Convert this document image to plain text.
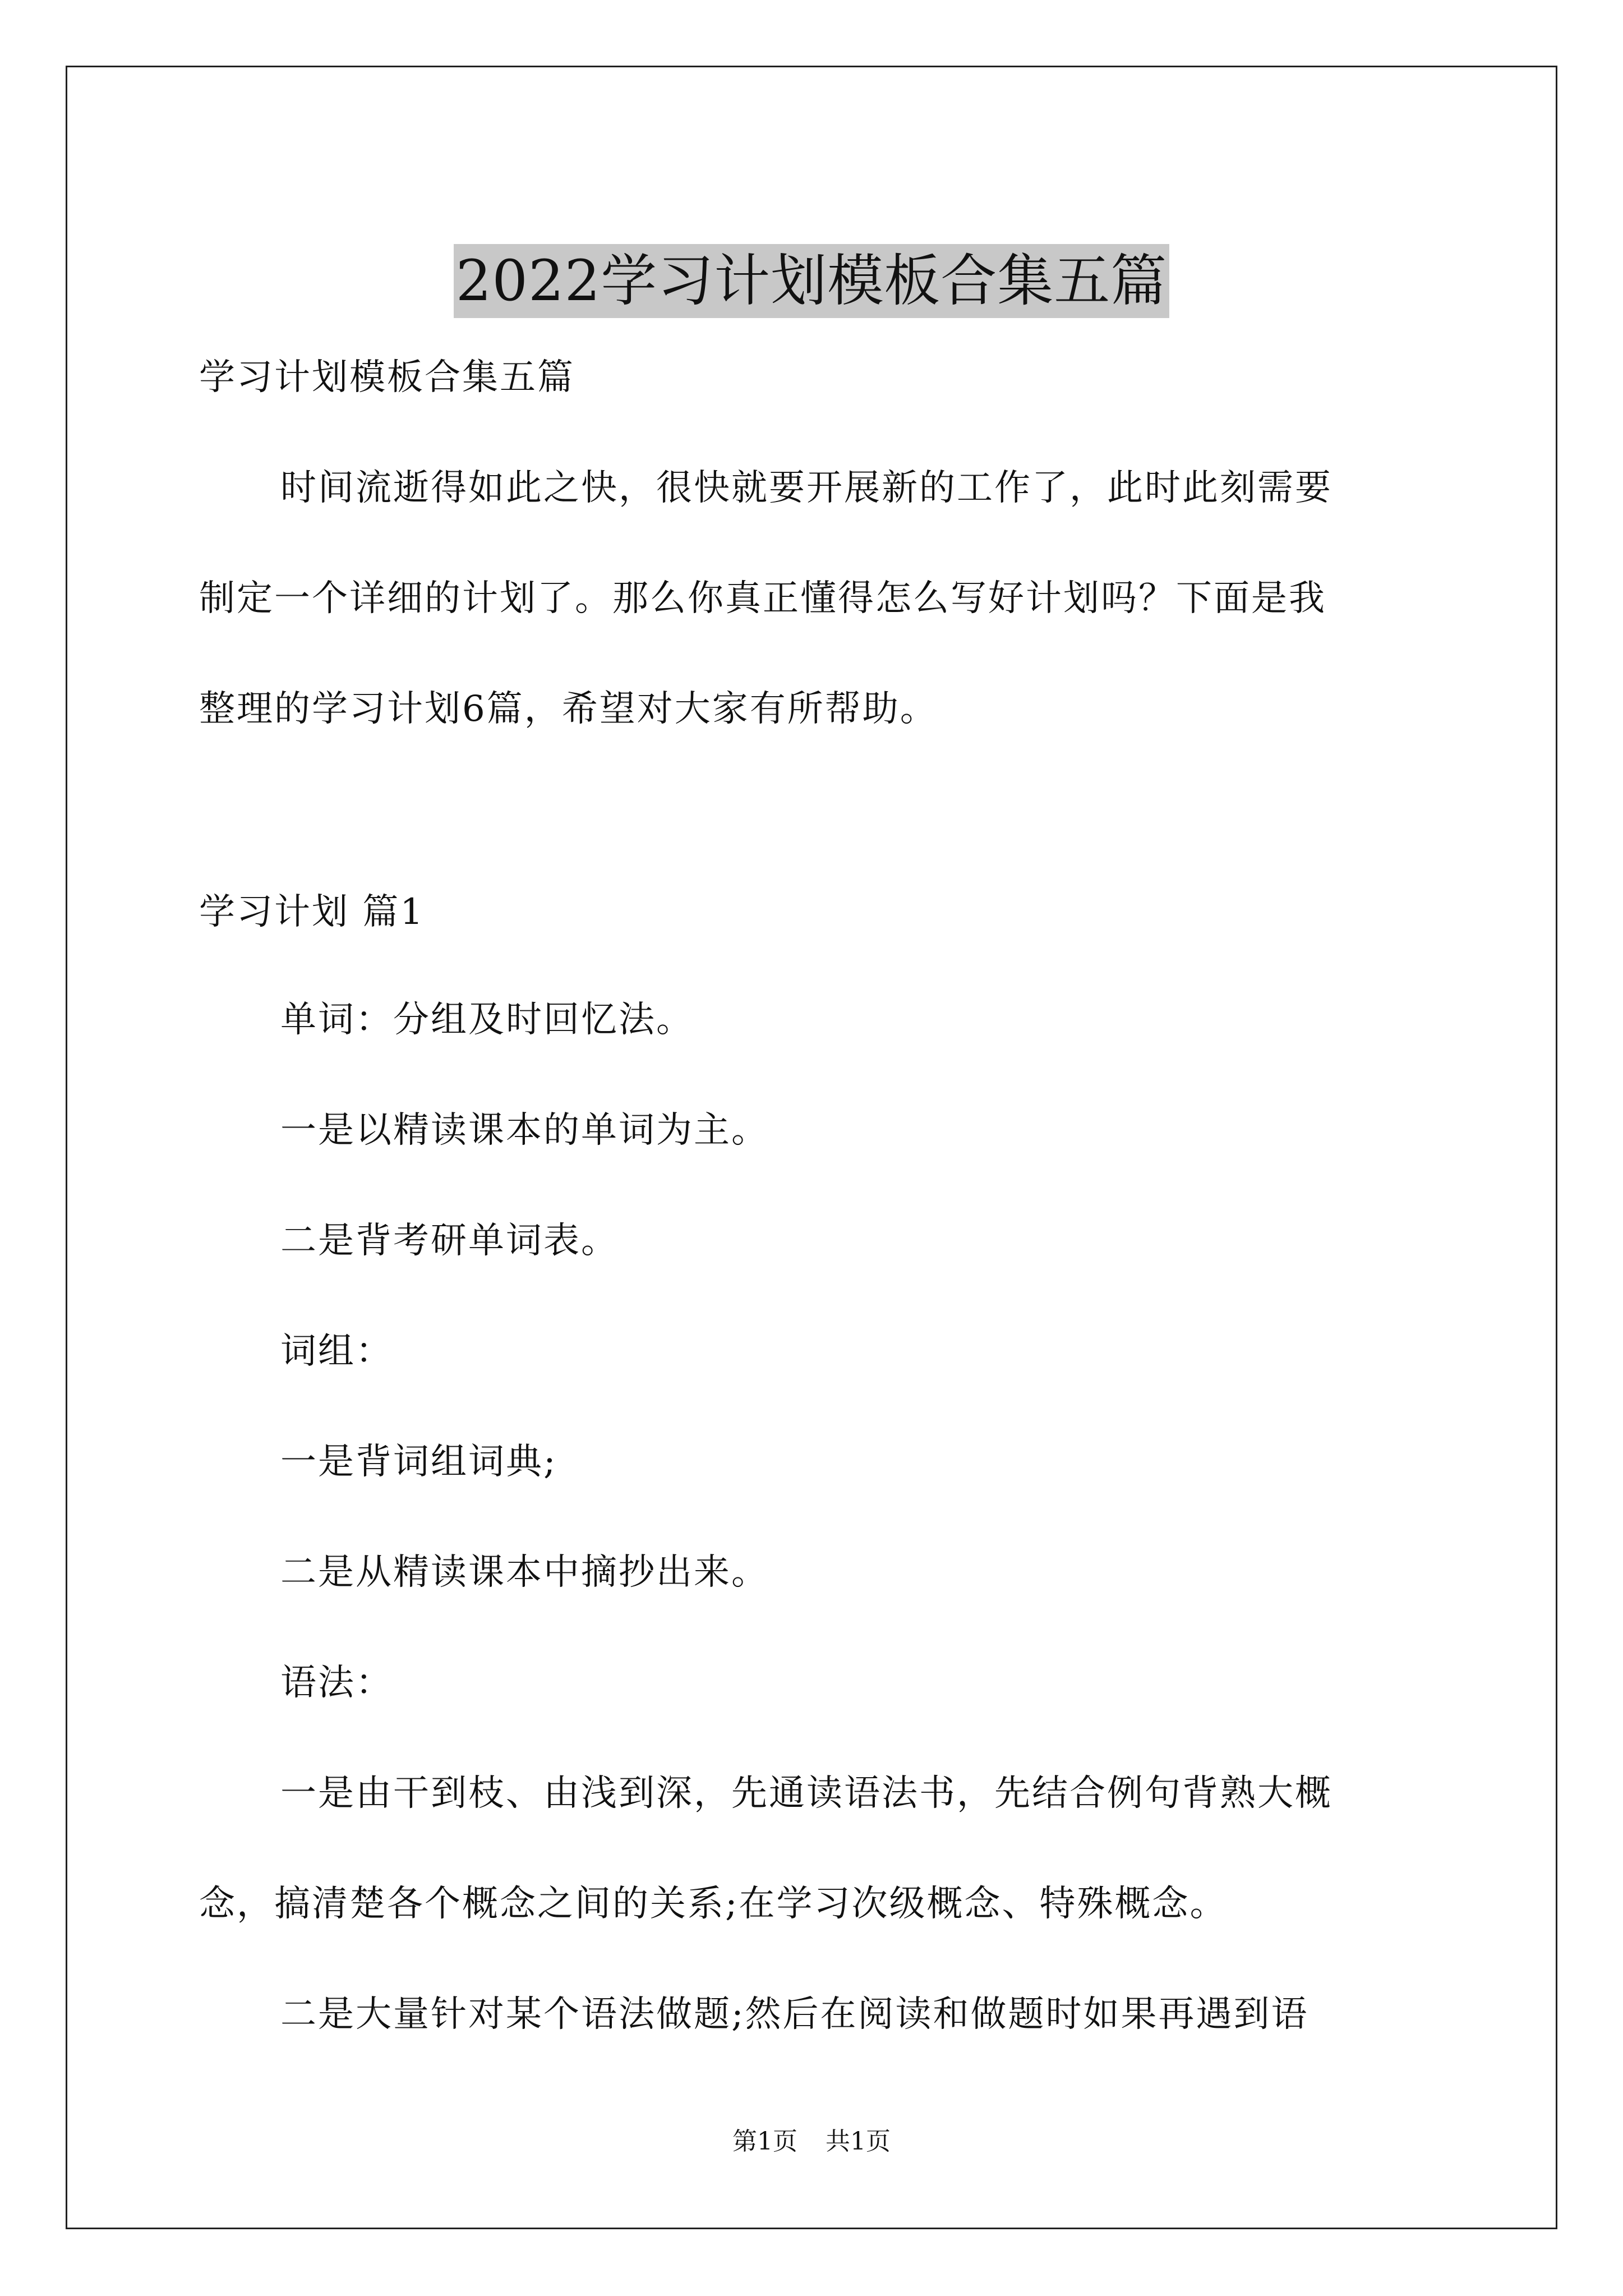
2022学习计划模板合集五篇

学习计划模板合集五篇

时间流逝得如此之快，很快就要开展新的工作了，此时此刻需要

制定一个详细的计划了。那么你真正懂得怎么写好计划吗？下面是我

整理的学习计划6篇，希望对大家有所帮助。

学习计划 篇1

单词：分组及时回忆法。

一是以精读课本的单词为主。

二是背考研单词表。

词组：

一是背词组词典;

二是从精读课本中摘抄出来。

语法：

一是由干到枝、由浅到深，先通读语法书，先结合例句背熟大概

念，搞清楚各个概念之间的关系;在学习次级概念、特殊概念。

二是大量针对某个语法做题;然后在阅读和做题时如果再遇到语

第1页 共1页
